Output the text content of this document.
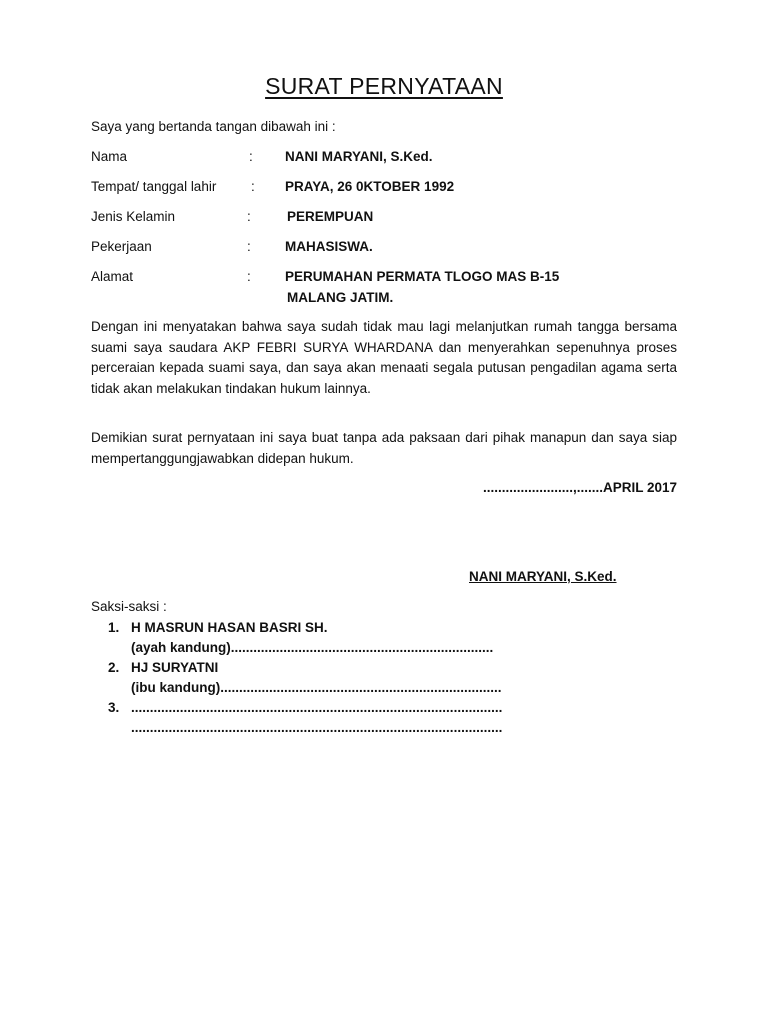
SURAT PERNYATAAN
Saya yang bertanda tangan dibawah ini :
Nama	: NANI MARYANI, S.Ked.
Tempat/ tanggal lahir	: PRAYA, 26 0KTOBER 1992
Jenis Kelamin	:	PEREMPUAN
Pekerjaan	:	MAHASISWA.
Alamat	:	PERUMAHAN PERMATA TLOGO MAS B-15
MALANG JATIM.
Dengan ini menyatakan bahwa saya sudah tidak mau lagi melanjutkan rumah tangga bersama suami saya saudara AKP FEBRI SURYA WHARDANA dan menyerahkan sepenuhnya proses perceraian kepada suami saya, dan saya akan menaati segala putusan pengadilan agama serta tidak akan melakukan tindakan hukum lainnya.
Demikian surat pernyataan ini saya buat tanpa ada paksaan dari pihak manapun dan saya siap mempertanggungjawabkan didepan hukum.
........................,.......APRIL 2017
NANI MARYANI, S.Ked.
Saksi-saksi :
1. H MASRUN HASAN BASRI SH.
(ayah kandung)......................................................................
2. HJ SURYATNI
(ibu kandung)...........................................................................
3. ...................................................................................................
...................................................................................................
